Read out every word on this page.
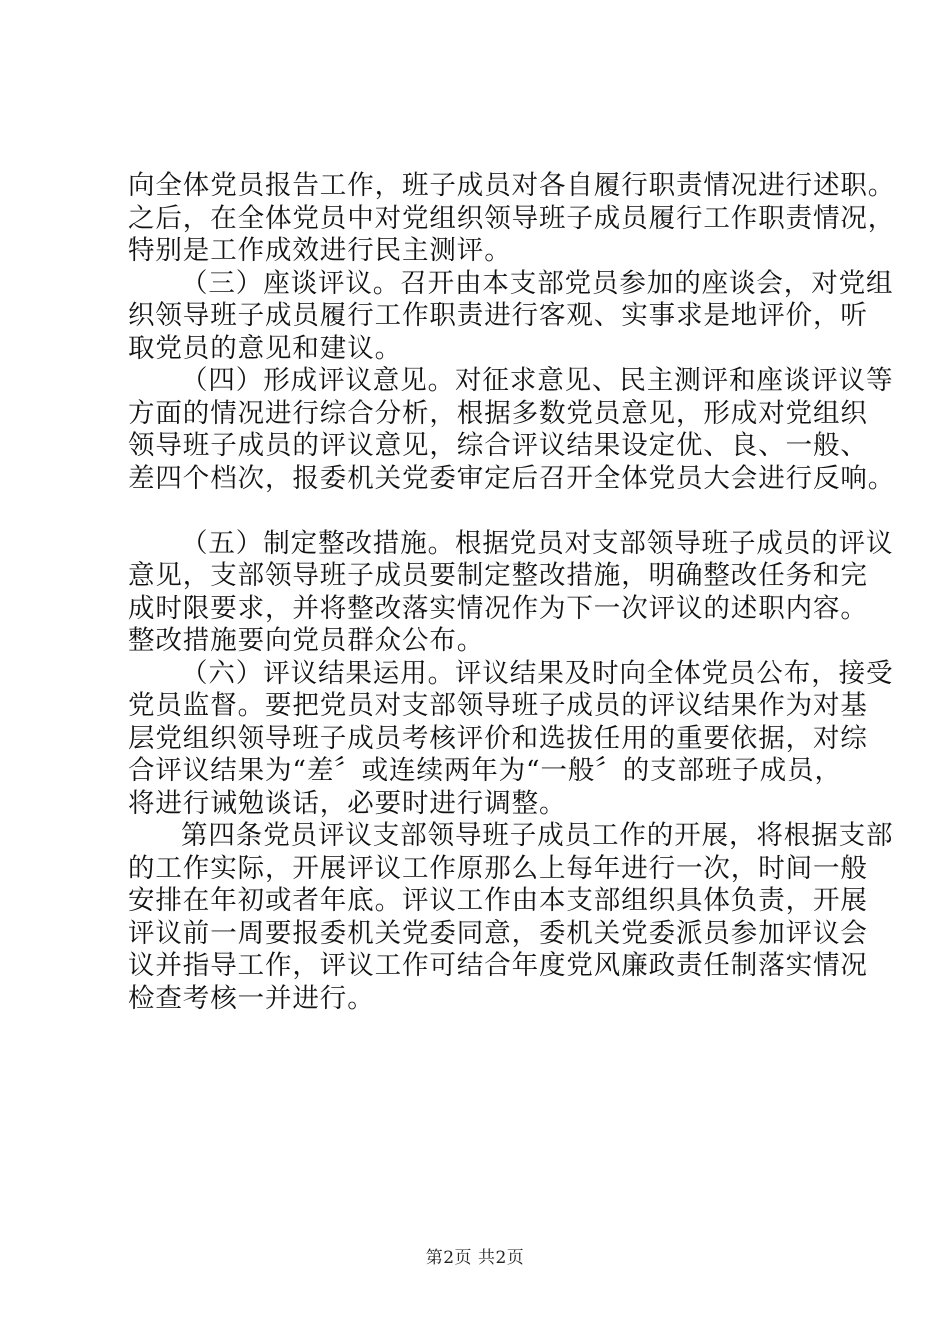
向全体党员报告工作，班子成员对各自履行职责情况进行述职。
之后，在全体党员中对党组织领导班子成员履行工作职责情况，
特别是工作成效进行民主测评。
（三）座谈评议。召开由本支部党员参加的座谈会，对党组
织领导班子成员履行工作职责进行客观、实事求是地评价，听
取党员的意见和建议。
（四）形成评议意见。对征求意见、民主测评和座谈评议等
方面的情况进行综合分析，根据多数党员意见，形成对党组织
领导班子成员的评议意见，综合评议结果设定优、良、一般、
差四个档次，报委机关党委审定后召开全体党员大会进行反响。
（五）制定整改措施。根据党员对支部领导班子成员的评议
意见，支部领导班子成员要制定整改措施，明确整改任务和完
成时限要求，并将整改落实情况作为下一次评议的述职内容。
整改措施要向党员群众公布。
（六）评议结果运用。评议结果及时向全体党员公布，接受
党员监督。要把党员对支部领导班子成员的评议结果作为对基
层党组织领导班子成员考核评价和选拔任用的重要依据，对综
合评议结果为“差〞或连续两年为“一般〞的支部班子成员，
将进行诫勉谈话，必要时进行调整。
第四条党员评议支部领导班子成员工作的开展，将根据支部
的工作实际，开展评议工作原那么上每年进行一次，时间一般
安排在年初或者年底。评议工作由本支部组织具体负责，开展
评议前一周要报委机关党委同意，委机关党委派员参加评议会
议并指导工作，评议工作可结合年度党风廉政责任制落实情况
检查考核一并进行。
第2页 共2页
